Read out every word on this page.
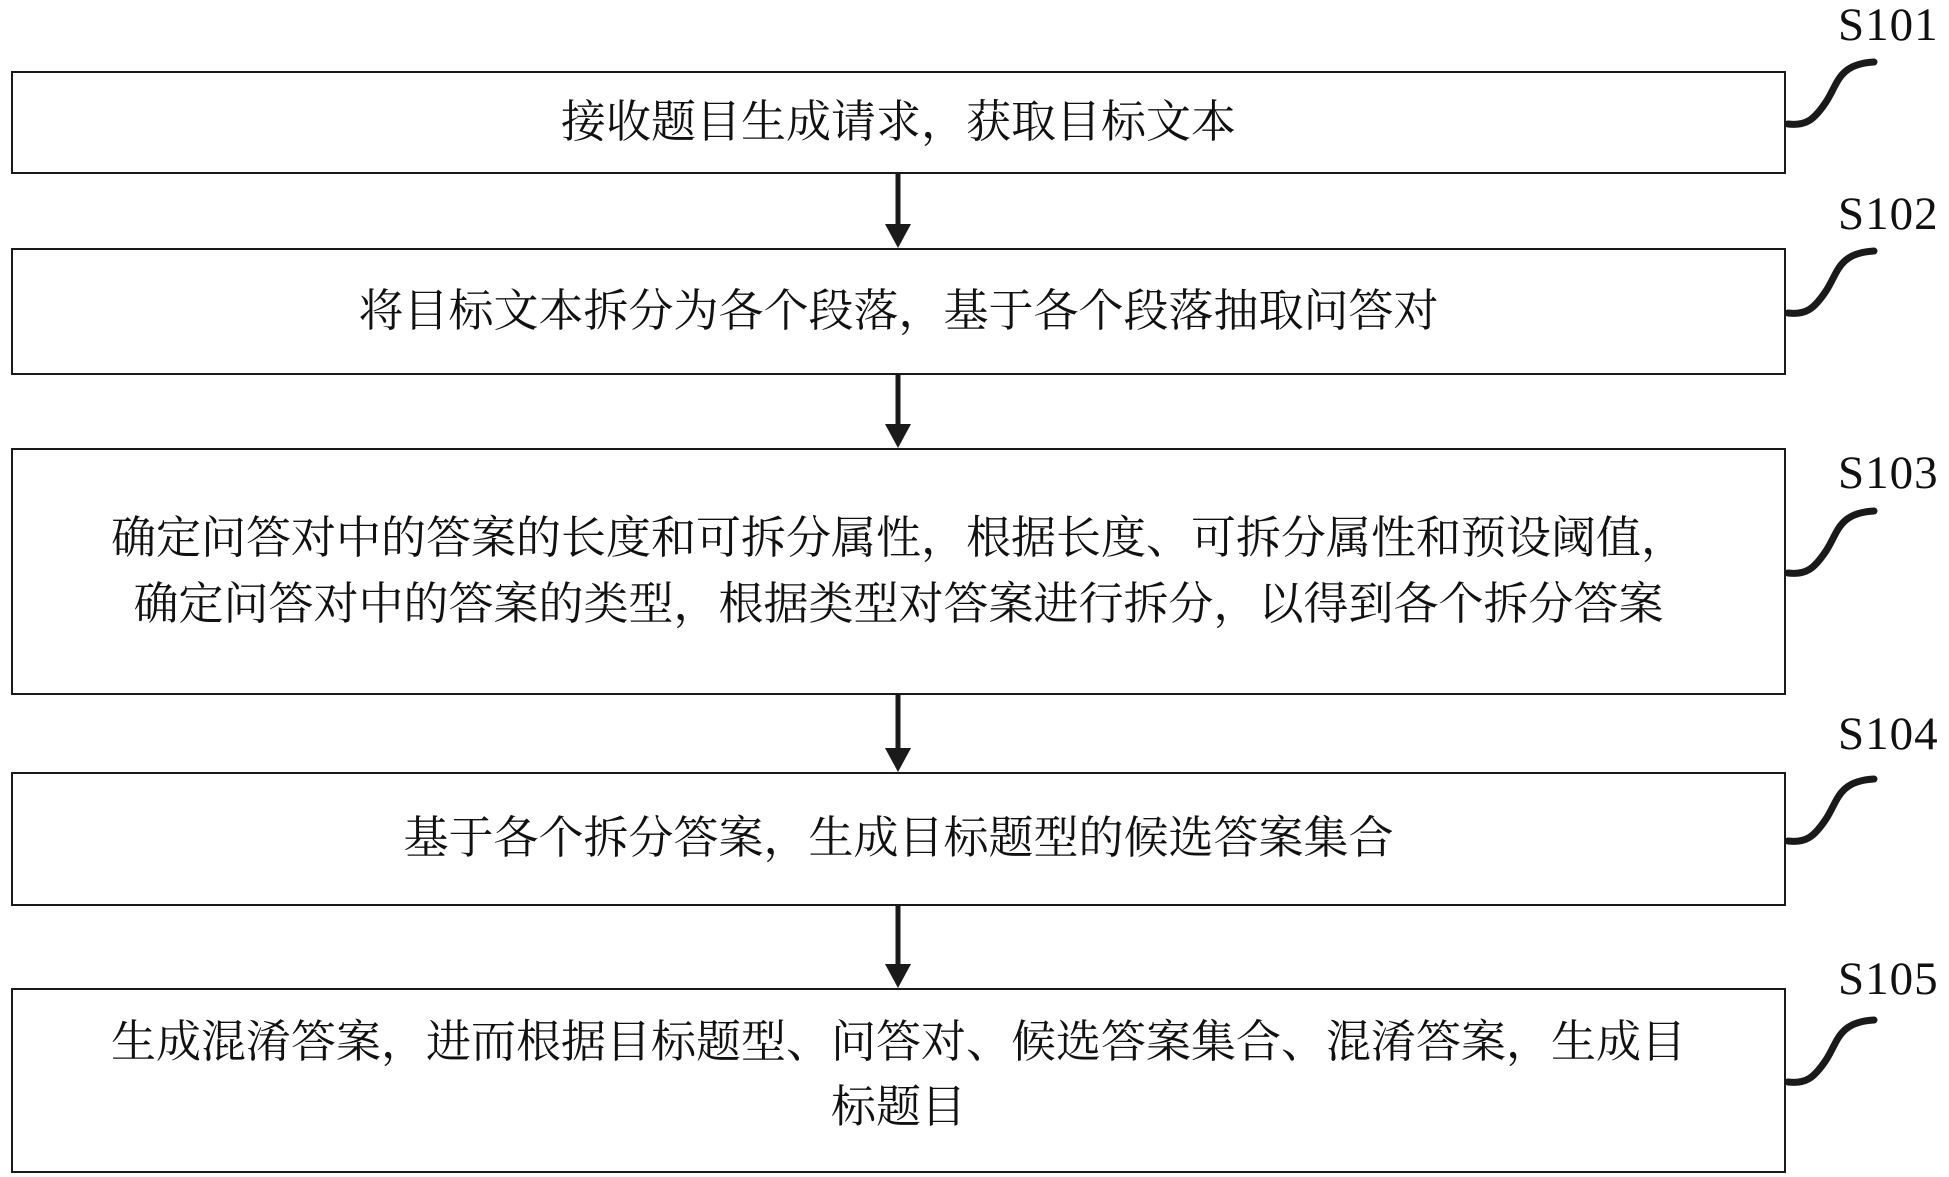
接收题目生成请求，获取目标文本
S101
将目标文本拆分为各个段落，基于各个段落抽取问答对
S102
确定问答对中的答案的长度和可拆分属性，根据长度、可拆分属性和预设阈值，
确定问答对中的答案的类型，根据类型对答案进行拆分，以得到各个拆分答案
S103
基于各个拆分答案，生成目标题型的候选答案集合
S104
生成混淆答案，进而根据目标题型、问答对、候选答案集合、混淆答案，生成目
标题目
S105
